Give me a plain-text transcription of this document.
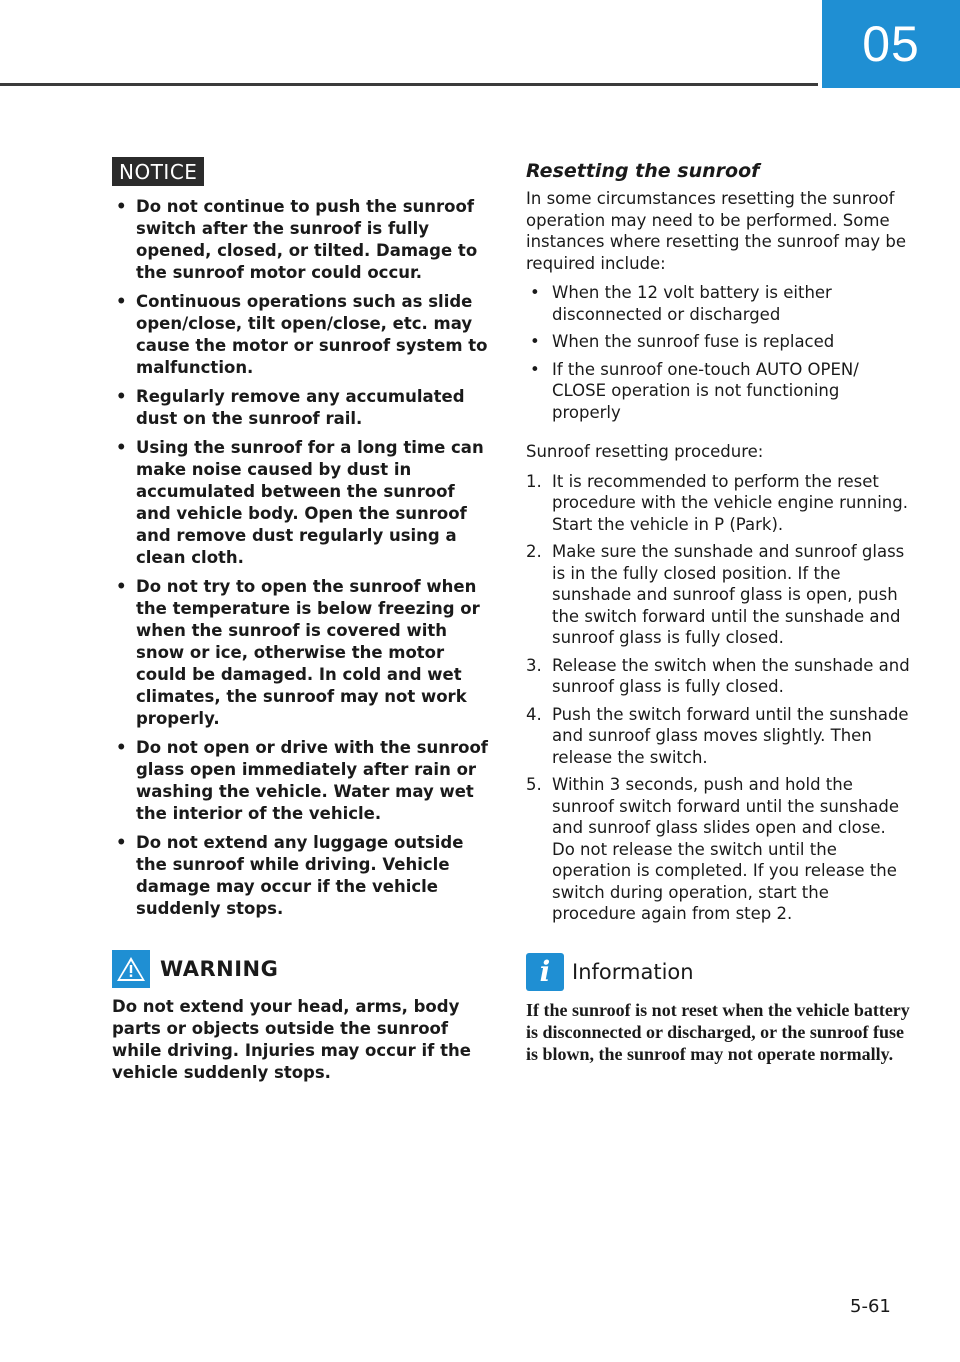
05
NOTICE
• Do not continue to push the sunroof switch after the sunroof is fully opened, closed, or tilted. Damage to the sunroof motor could occur.
• Continuous operations such as slide open/close, tilt open/close, etc. may cause the motor or sunroof system to malfunction.
• Regularly remove any accumulated dust on the sunroof rail.
• Using the sunroof for a long time can make noise caused by dust in accumulated between the sunroof and vehicle body. Open the sunroof and remove dust regularly using a clean cloth.
• Do not try to open the sunroof when the temperature is below freezing or when the sunroof is covered with snow or ice, otherwise the motor could be damaged. In cold and wet climates, the sunroof may not work properly.
• Do not open or drive with the sunroof glass open immediately after rain or washing the vehicle. Water may wet the interior of the vehicle.
• Do not extend any luggage outside the sunroof while driving. Vehicle damage may occur if the vehicle suddenly stops.
WARNING

Do not extend your head, arms, body parts or objects outside the sunroof while driving. Injuries may occur if the vehicle suddenly stops.

Resetting the sunroof

In some circumstances resetting the sunroof operation may need to be performed. Some instances where resetting the sunroof may be required include:

• When the 12 volt battery is either disconnected or discharged
• When the sunroof fuse is replaced
• If the sunroof one-touch AUTO OPEN/ CLOSE operation is not functioning properly

Sunroof resetting procedure:

1. It is recommended to perform the reset procedure with the vehicle engine running. Start the vehicle in P (Park).
2. Make sure the sunshade and sunroof glass is in the fully closed position. If the sunshade and sunroof glass is open, push the switch forward until the sunshade and sunroof glass is fully closed.
3. Release the switch when the sunshade and sunroof glass is fully closed.
4. Push the switch forward until the sunshade and sunroof glass moves slightly. Then release the switch.
5. Within 3 seconds, push and hold the sunroof switch forward until the sunshade and sunroof glass slides open and close. Do not release the switch until the operation is completed. If you release the switch during operation, start the procedure again from step 2.
i	Information

If the sunroof is not reset when the vehicle battery is disconnected or discharged, or the sunroof fuse is blown, the sunroof may not operate normally.

5-61
